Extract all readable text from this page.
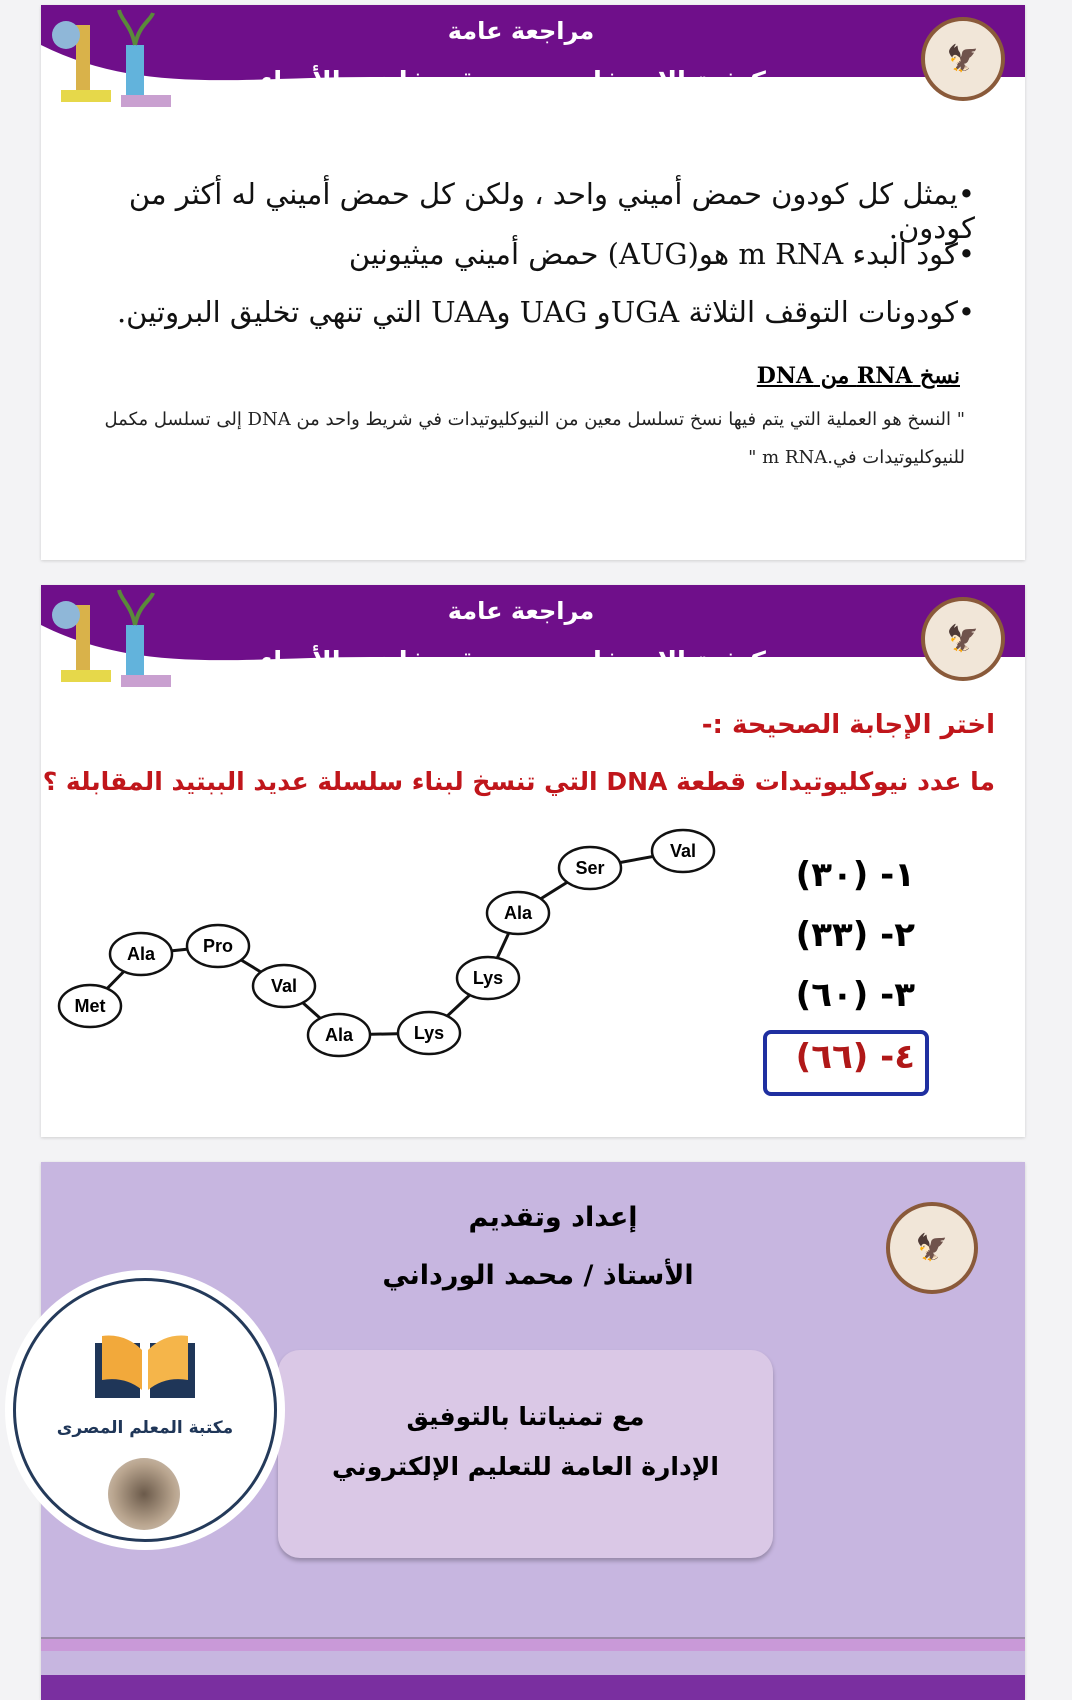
مراجعة عامة
وكيفية الاستفادة من ورق مفاهيم الأحياء
🦅
•يمثل كل كودون حمض أميني واحد ، ولكن كل حمض أميني له أكثر من كودون.
•كود البدء m RNA هو(AUG) حمض أميني ميثيونين
•كودونات التوقف الثلاثة UGAو UAG وUAA التي تنهي تخليق البروتين.
نسخ RNA من DNA
" النسخ هو العملية التي يتم فيها نسخ تسلسل معين من النيوكليوتيدات في شريط واحد من DNA إلى تسلسل مكمل للنيوكليوتيدات في.m RNA "
مراجعة عامة
وكيفية الاستفادة من ورق مفاهيم الأحياء
🦅
اختر الإجابة الصحيحة :-
ما عدد نيوكليوتيدات قطعة DNA التي تنسخ لبناء سلسلة عديد الببتيد المقابلة ؟
Met
Ala	Pro
Val
Ala	Lys
Lys
Ala
Ser
Val
١- (٣٠)
٢- (٣٣)
٣- (٦٠)
٤- (٦٦)
🦅
إعداد وتقديم
الأستاذ / محمد الورداني
مع تمنياتنا بالتوفيق
الإدارة العامة للتعليم الإلكتروني
مكتبة المعلم المصرى
